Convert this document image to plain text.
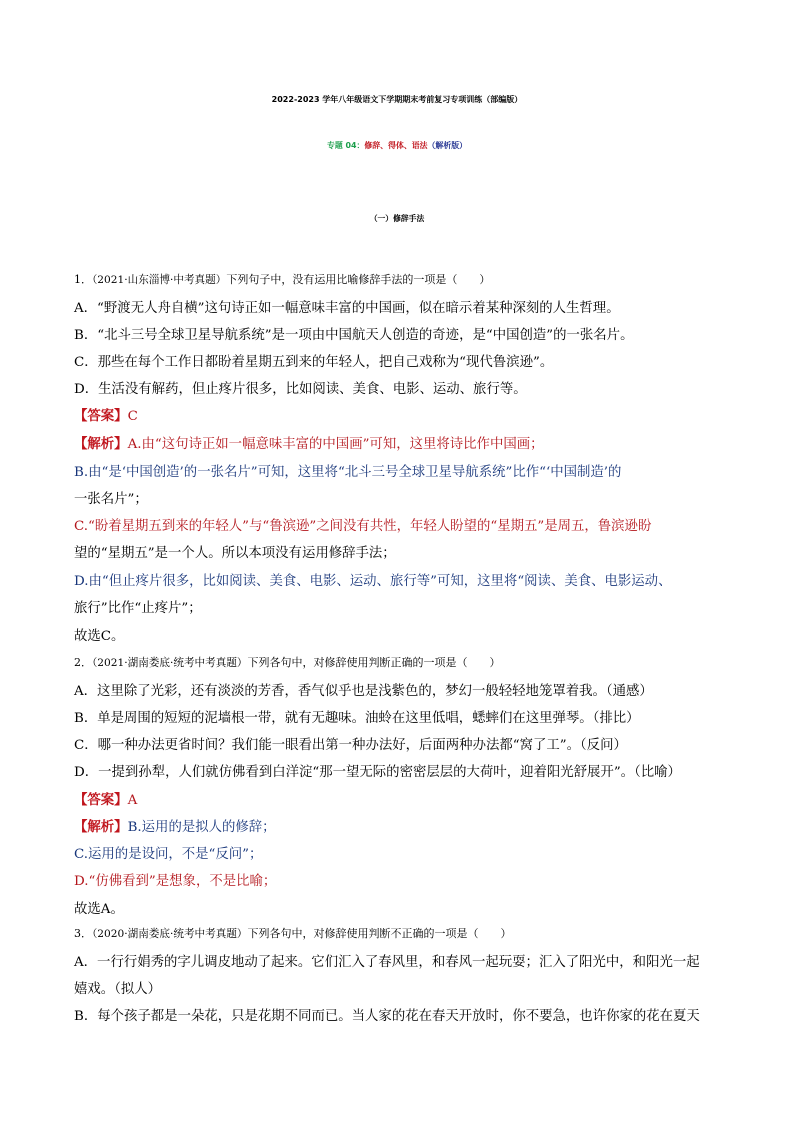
2022-2023 学年八年级语文下学期期末考前复习专项训练（部编版）
专题 04：修辞、得体、语法（解析版）
（一）修辞手法
1．（2021·山东淄博·中考真题）下列句子中，没有运用比喻修辞手法的一项是（　　）
A．“野渡无人舟自横”这句诗正如一幅意味丰富的中国画，似在暗示着某种深刻的人生哲理。
B．“北斗三号全球卫星导航系统”是一项由中国航天人创造的奇迹，是“中国创造”的一张名片。
C．那些在每个工作日都盼着星期五到来的年轻人，把自己戏称为“现代鲁滨逊”。
D．生活没有解药，但止疼片很多，比如阅读、美食、电影、运动、旅行等。
【答案】C
【解析】A.由“这句诗正如一幅意味丰富的中国画”可知，这里将诗比作中国画；
B.由“是‘中国创造’的一张名片”可知，这里将“北斗三号全球卫星导航系统”比作“‘中国制造’的
一张名片”；
C.“盼着星期五到来的年轻人”与“鲁滨逊”之间没有共性，年轻人盼望的“星期五”是周五，鲁滨逊盼
望的“星期五”是一个人。所以本项没有运用修辞手法；
D.由“但止疼片很多，比如阅读、美食、电影、运动、旅行等”可知，这里将“阅读、美食、电影运动、
旅行”比作“止疼片”；
故选C。
2．（2021·湖南娄底·统考中考真题）下列各句中，对修辞使用判断正确的一项是（　　）
A．这里除了光彩，还有淡淡的芳香，香气似乎也是浅紫色的，梦幻一般轻轻地笼罩着我。（通感）
B．单是周围的短短的泥墙根一带，就有无趣味。油蛉在这里低唱，蟋蟀们在这里弹琴。（排比）
C．哪一种办法更省时间？我们能一眼看出第一种办法好，后面两种办法都“窝了工”。（反问）
D．一提到孙犁，人们就仿佛看到白洋淀“那一望无际的密密层层的大荷叶，迎着阳光舒展开”。（比喻）
【答案】A
【解析】B.运用的是拟人的修辞；
C.运用的是设问，不是“反问”；
D.“仿佛看到”是想象，不是比喻；
故选A。
3．（2020·湖南娄底·统考中考真题）下列各句中，对修辞使用判断不正确的一项是（　　）
A．一行行娟秀的字儿调皮地动了起来。它们汇入了春风里，和春风一起玩耍；汇入了阳光中，和阳光一起
嬉戏。（拟人）
B．每个孩子都是一朵花，只是花期不同而已。当人家的花在春天开放时，你不要急，也许你家的花在夏天
